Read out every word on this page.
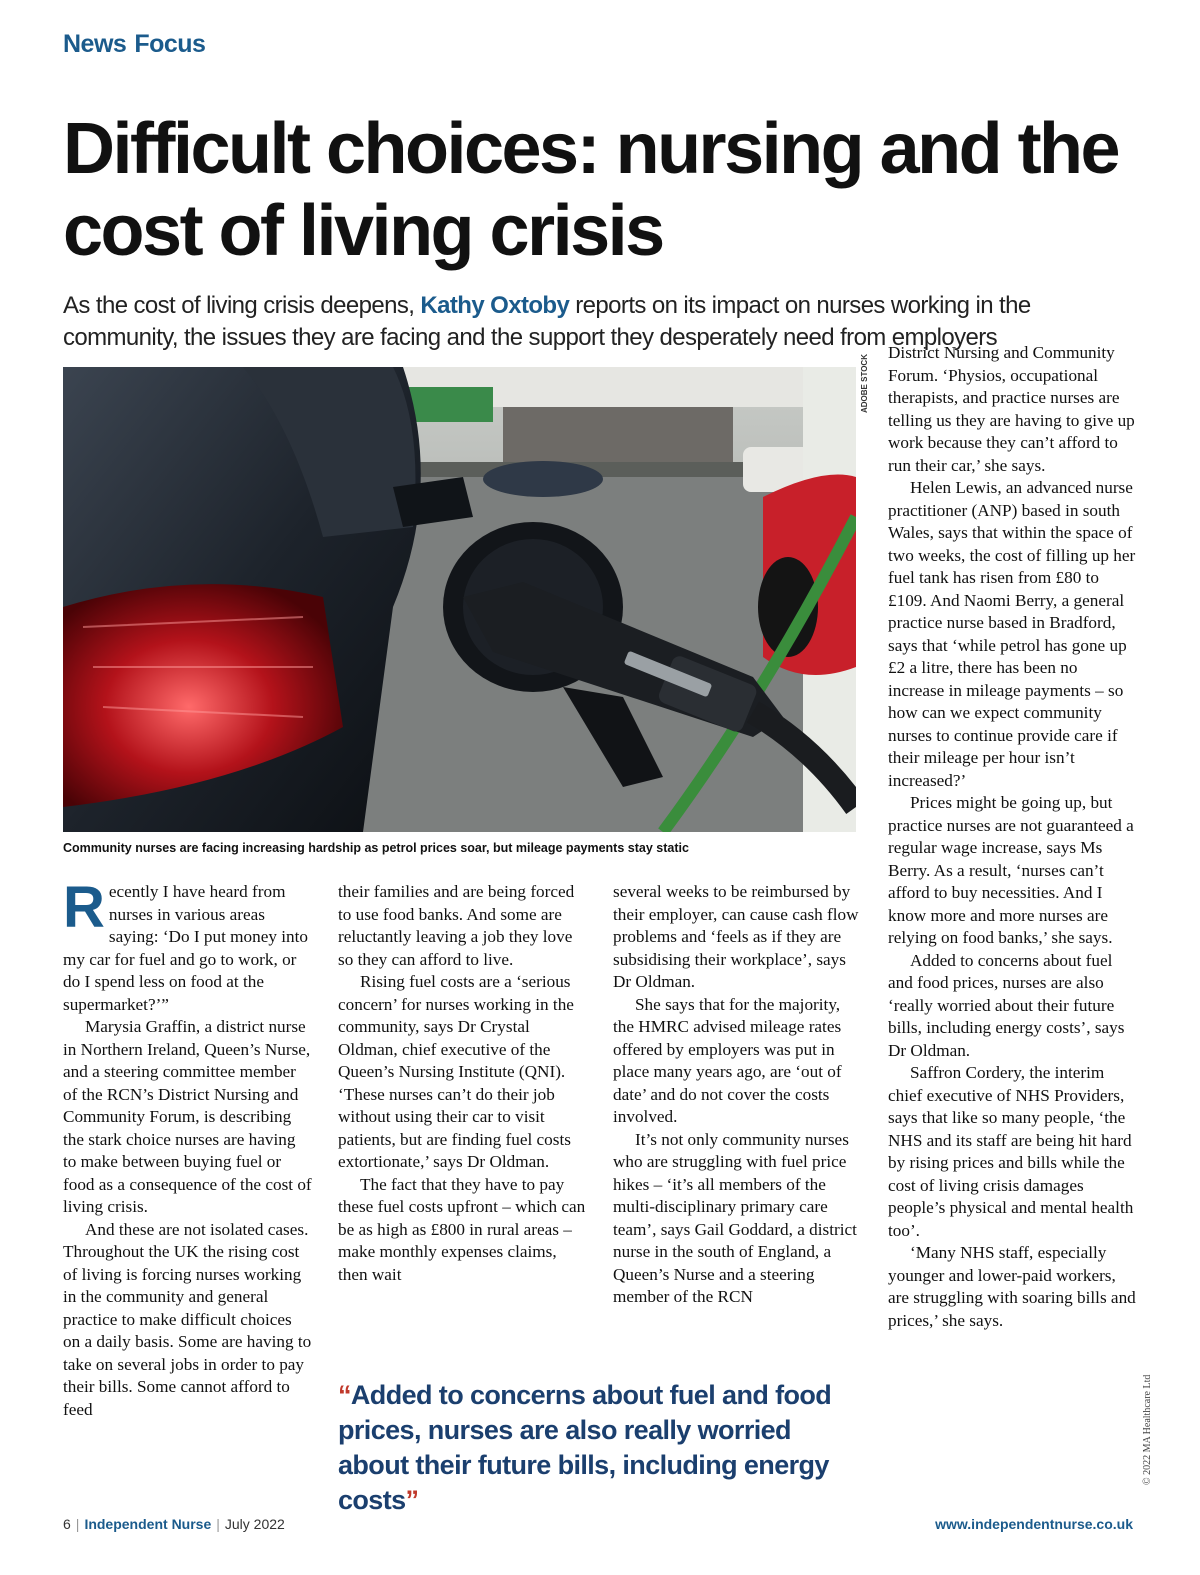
News Focus
Difficult choices: nursing and the cost of living crisis

As the cost of living crisis deepens, Kathy Oxtoby reports on its impact on nurses working in the community, the issues they are facing and the support they desperately need from employers

ADOBE STOCK

Community nurses are facing increasing hardship as petrol prices soar, but mileage payments stay static

Recently I have heard from nurses in various areas saying: ‘Do I put money into my car for fuel and go to work, or do I spend less on food at the supermarket?’”

Marysia Graffin, a district nurse in Northern Ireland, Queen’s Nurse, and a steering committee member of the RCN’s District Nursing and Community Forum, is describing the stark choice nurses are having to make between buying fuel or food as a consequence of the cost of living crisis.

And these are not isolated cases. Throughout the UK the rising cost of living is forcing nurses working in the community and general practice to make difficult choices on a daily basis. Some are having to take on several jobs in order to pay their bills. Some cannot afford to feed

their families and are being forced to use food banks. And some are reluctantly leaving a job they love so they can afford to live.

Rising fuel costs are a ‘serious concern’ for nurses working in the community, says Dr Crystal Oldman, chief executive of the Queen’s Nursing Institute (QNI). ‘These nurses can’t do their job without using their car to visit patients, but are finding fuel costs extortionate,’ says Dr Oldman.

The fact that they have to pay these fuel costs upfront – which can be as high as £800 in rural areas –make monthly expenses claims, then wait

several weeks to be reimbursed by their employer, can cause cash flow problems and ‘feels as if they are subsidising their workplace’, says Dr Oldman.

She says that for the majority, the HMRC advised mileage rates offered by employers was put in place many years ago, are ‘out of date’ and do not cover the costs involved.

It’s not only community nurses who are struggling with fuel price hikes – ‘it’s all members of the multi-disciplinary primary care team’, says Gail Goddard, a district nurse in the south of England, a Queen’s Nurse and a steering member of the RCN

District Nursing and Community Forum. ‘Physios, occupational therapists, and practice nurses are telling us they are having to give up work because they can’t afford to run their car,’ she says.

Helen Lewis, an advanced nurse practitioner (ANP) based in south Wales, says that within the space of two weeks, the cost of filling up her fuel tank has risen from £80 to £109. And Naomi Berry, a general practice nurse based in Bradford, says that ‘while petrol has gone up £2 a litre, there has been no increase in mileage payments – so how can we expect community nurses to continue provide care if their mileage per hour isn’t increased?’

Prices might be going up, but practice nurses are not guaranteed a regular wage increase, says Ms Berry. As a result, ‘nurses can’t afford to buy necessities. And I know more and more nurses are relying on food banks,’ she says.

Added to concerns about fuel and food prices, nurses are also ‘really worried about their future bills, including energy costs’, says Dr Oldman.

Saffron Cordery, the interim chief executive of NHS Providers, says that like so many people, ‘the NHS and its staff are being hit hard by rising prices and bills while the cost of living crisis damages people’s physical and mental health too’.

‘Many NHS staff, especially younger and lower-paid workers, are struggling with soaring bills and prices,’ she says.

“Added to concerns about fuel and food prices, nurses are also really worried about their future bills, including energy costs”

© 2022 MA Healthcare Ltd
6 | Independent Nurse | July 2022	www.independentnurse.co.uk
